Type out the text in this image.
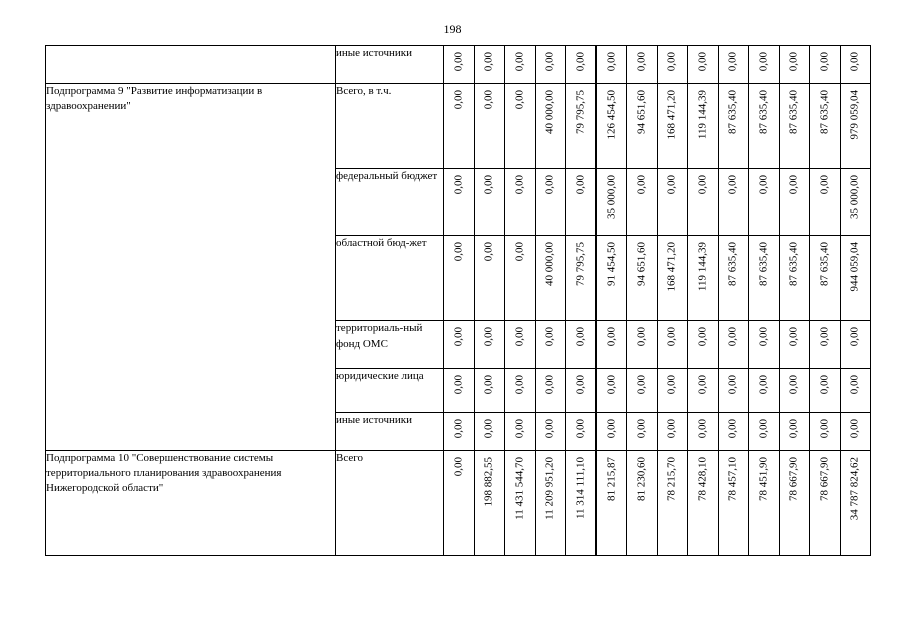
198
	иные источники	0,00	0,00	0,00	0,00	0,00	0,00	0,00	0,00	0,00	0,00	0,00	0,00	0,00	0,00

Подпрограмма 9 "Развитие информатизации в здравоохранении"	Всего, в т.ч.	0,00	0,00	0,00	40 000,00	79 795,75	126 454,50	94 651,60	168 471,20	119 144,39	87 635,40	87 635,40	87 635,40	87 635,40	979 059,04

	федеральный бюджет	0,00	0,00	0,00	0,00	0,00	35 000,00	0,00	0,00	0,00	0,00	0,00	0,00	0,00	35 000,00

	областной бюд-жет	0,00	0,00	0,00	40 000,00	79 795,75	91 454,50	94 651,60	168 471,20	119 144,39	87 635,40	87 635,40	87 635,40	87 635,40	944 059,04

	территориаль-ный фонд ОМС	0,00	0,00	0,00	0,00	0,00	0,00	0,00	0,00	0,00	0,00	0,00	0,00	0,00	0,00

	юридические лица	0,00	0,00	0,00	0,00	0,00	0,00	0,00	0,00	0,00	0,00	0,00	0,00	0,00	0,00

	иные источники	0,00	0,00	0,00	0,00	0,00	0,00	0,00	0,00	0,00	0,00	0,00	0,00	0,00	0,00

Подпрограмма 10 "Совершенствование системы территориального планирования здравоохранения Нижегородской области"	Всего	0,00	198 882,55	11 431 544,70	11 209 951,20	11 314 111,10	81 215,87	81 230,60	78 215,70	78 428,10	78 457,10	78 451,90	78 667,90	78 667,90	34 787 824,62
